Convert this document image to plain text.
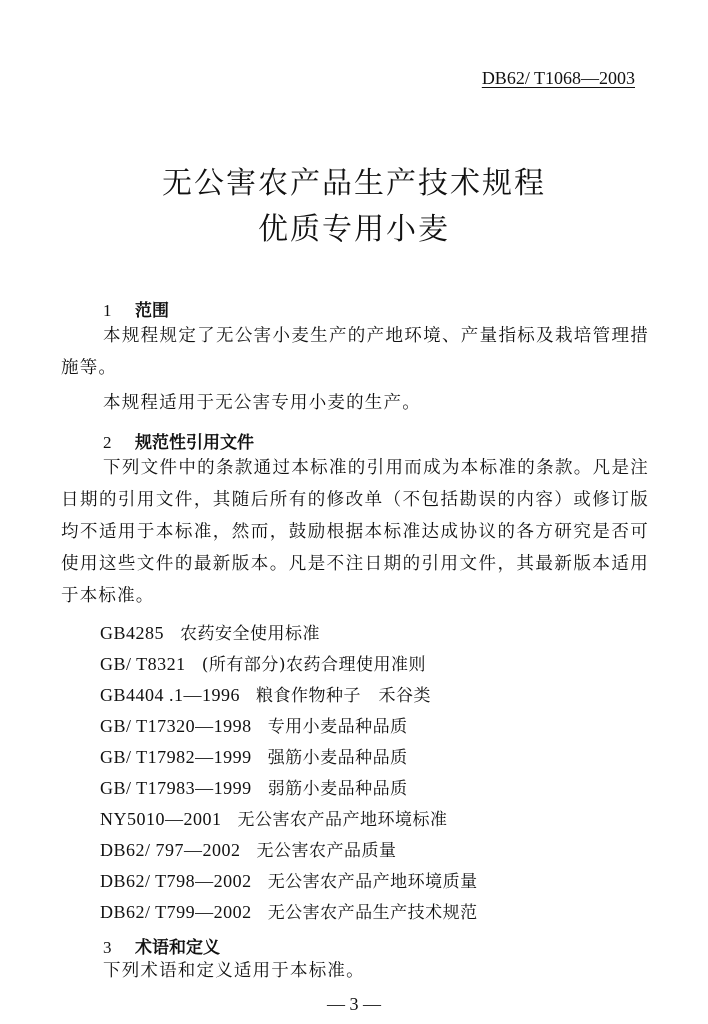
DB62/ T1068—2003
无公害农产品生产技术规程
优质专用小麦
1 范围
本规程规定了无公害小麦生产的产地环境、产量指标及栽培管理措施等。
本规程适用于无公害专用小麦的生产。
2 规范性引用文件
下列文件中的条款通过本标准的引用而成为本标准的条款。凡是注日期的引用文件，其随后所有的修改单（不包括勘误的内容）或修订版均不适用于本标准，然而，鼓励根据本标准达成协议的各方研究是否可使用这些文件的最新版本。凡是不注日期的引用文件，其最新版本适用于本标准。
GB4285 农药安全使用标准
GB/ T8321 (所有部分)农药合理使用准则
GB4404 .1—1996 粮食作物种子　禾谷类
GB/ T17320—1998 专用小麦品种品质
GB/ T17982—1999 强筋小麦品种品质
GB/ T17983—1999 弱筋小麦品种品质
NY5010—2001 无公害农产品产地环境标准
DB62/ 797—2002 无公害农产品质量
DB62/ T798—2002 无公害农产品产地环境质量
DB62/ T799—2002 无公害农产品生产技术规范
3 术语和定义
下列术语和定义适用于本标准。
— 3 —
